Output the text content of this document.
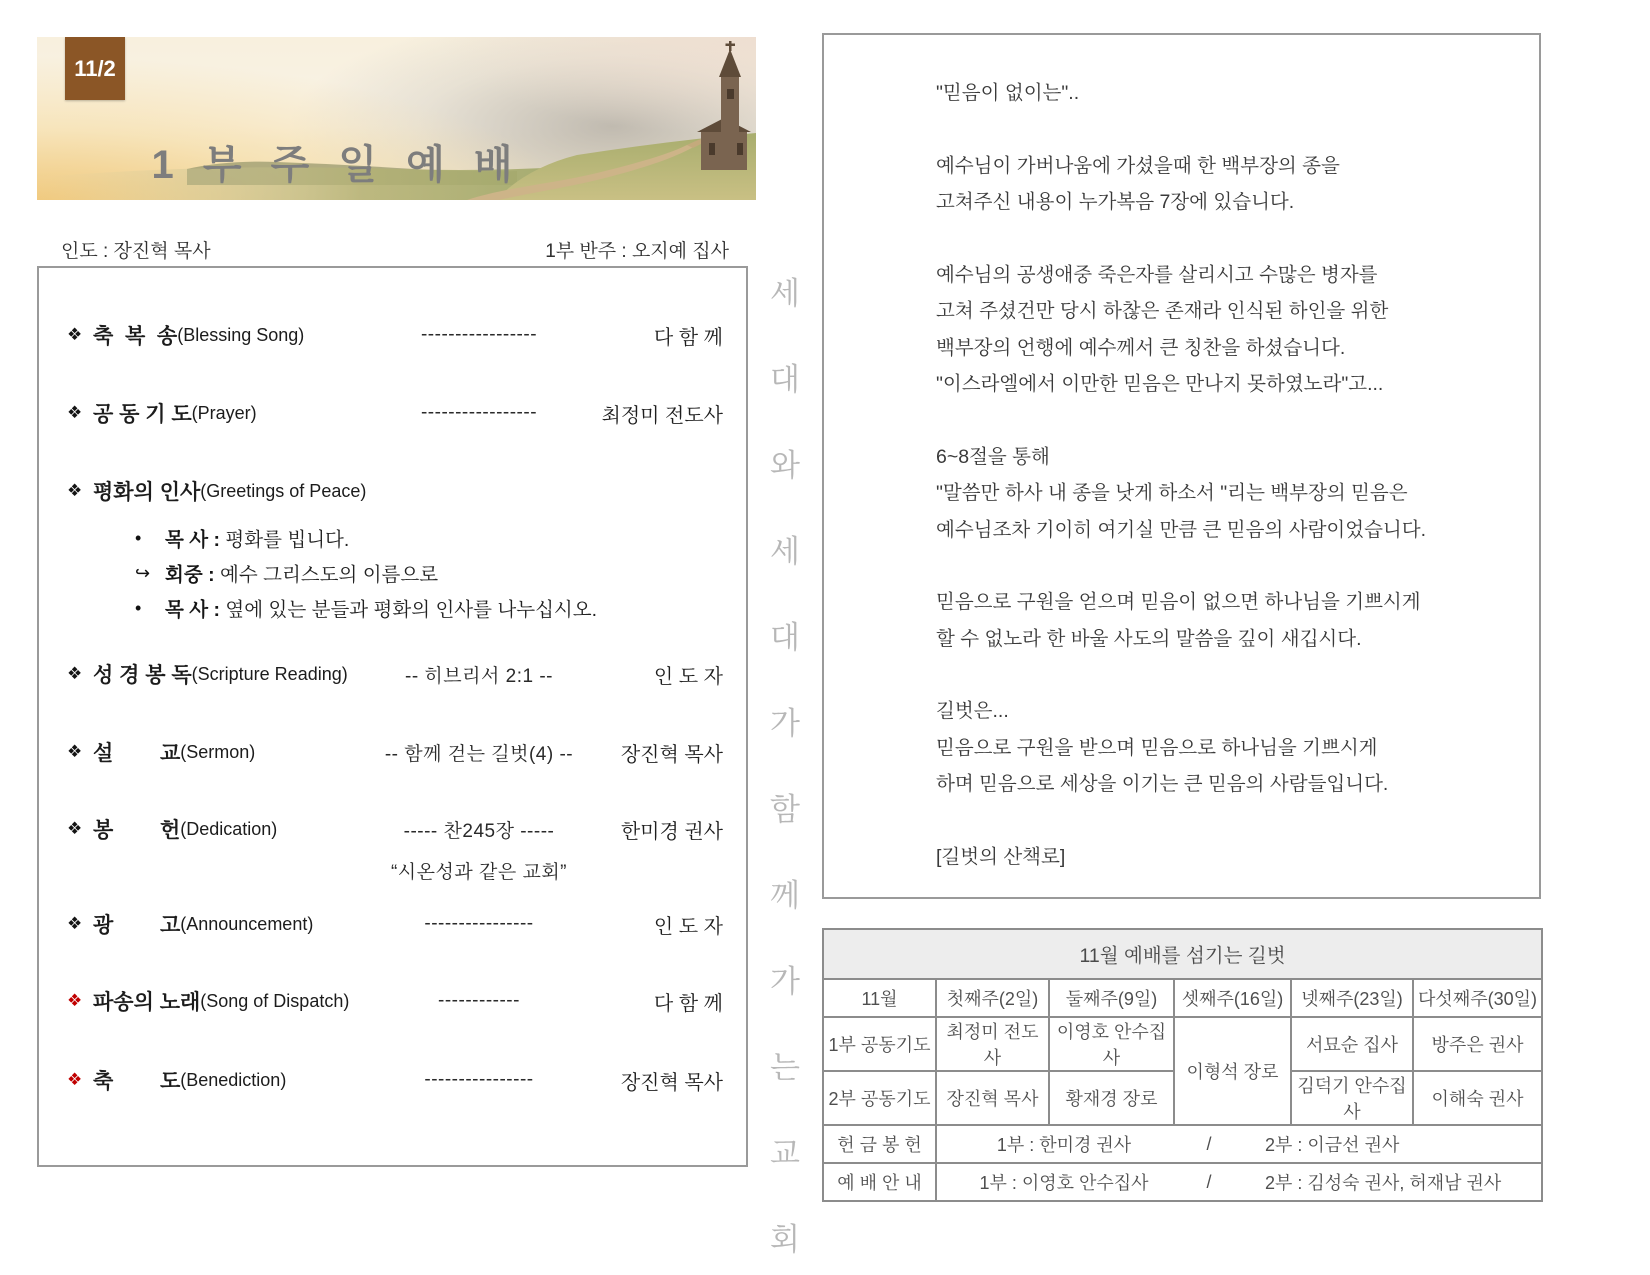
11/2
1 부 주 일 예 배
인도 : 장진혁 목사	1부 반주 : 오지예 집사
❖ 축  복  송 (Blessing Song)	-----------------	다 함 께
❖ 공 동 기 도 (Prayer)	-----------------	최정미 전도사
❖ 평화의 인사 (Greetings of Peace)
•	목 사 : 평화를 빕니다.
↪ 회중 : 예수 그리스도의 이름으로
•	목 사 : 옆에 있는 분들과 평화의 인사를 나누십시오.
❖ 성 경 봉 독 (Scripture Reading)	-- 히브리서 2:1 --	인 도 자
❖ 설        교 (Sermon)	-- 함께 걷는 길벗(4) --	장진혁 목사
❖ 봉        헌 (Dedication)	----- 찬245장 -----	한미경 권사
“시온성과 같은 교회”
❖ 광        고 (Announcement)	----------------	인 도 자
❖ 파송의 노래 (Song of Dispatch)	------------	다 함 께
❖ 축        도 (Benediction)	----------------	장진혁 목사
세
대
와
세
대
가
함
께
가
는
교
회
"믿음이 없이는"..
예수님이 가버나움에 가셨을때 한 백부장의 종을
고쳐주신 내용이 누가복음 7장에 있습니다.
예수님의 공생애중 죽은자를 살리시고 수많은 병자를
고쳐 주셨건만 당시 하찮은 존재라 인식된 하인을 위한
백부장의 언행에 예수께서 큰 칭찬을 하셨습니다.
"이스라엘에서 이만한 믿음은 만나지 못하였노라"고...
6~8절을 통해
"말씀만 하사 내 종을 낫게 하소서 "리는 백부장의 믿음은
예수님조차 기이히 여기실 만큼 큰 믿음의 사람이었습니다.
믿음으로 구원을 얻으며 믿음이 없으면 하나님을 기쁘시게
할 수 없노라 한 바울 사도의 말씀을 깊이 새깁시다.
길벗은...
믿음으로 구원을 받으며 믿음으로 하나님을 기쁘시게
하며 믿음으로 세상을 이기는 큰 믿음의 사람들입니다.
[길벗의 산책로]
11월 예배를 섬기는 길벗					
11월	첫째주(2일)	둘째주(9일)	셋째주(16일)	넷째주(23일)	다섯째주(30일)
1부 공동기도	최정미 전도사	이영호 안수집사	이형석 장로	서묘순 집사	방주은 권사
2부 공동기도	장진혁 목사	황재경 장로		김덕기 안수집사	이해숙 권사
헌 금 봉 헌	1부 : 한미경 권사 / 2부 : 이금선 권사				

예 배 안 내	1부 : 이영호 안수집사 / 2부 : 김성숙 권사, 허재남 권사				
